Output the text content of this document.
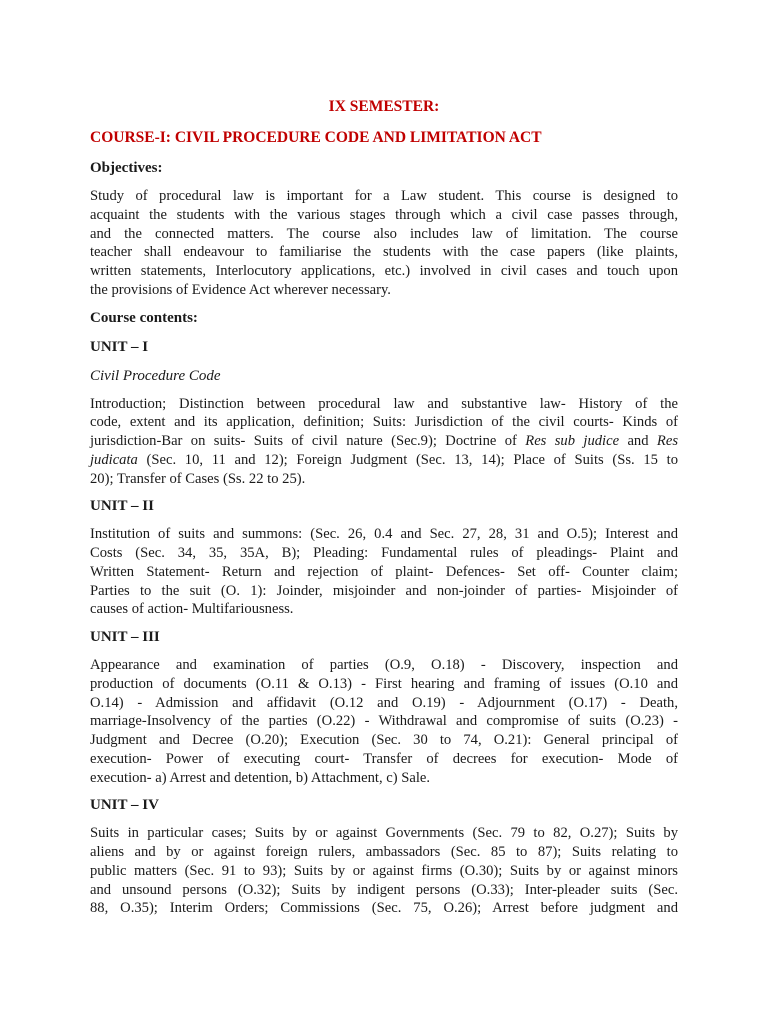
IX SEMESTER:
COURSE-I: CIVIL PROCEDURE CODE AND LIMITATION ACT
Objectives:
Study of procedural law is important for a Law student. This course is designed to
acquaint the students with the various stages through which a civil case passes through,
and the connected matters. The course also includes law of limitation. The course
teacher shall endeavour to familiarise the students with the case papers (like plaints,
written statements, Interlocutory applications, etc.) involved in civil cases and touch upon
the provisions of Evidence Act wherever necessary.
Course contents:
UNIT – I
Civil Procedure Code
Introduction; Distinction between procedural law and substantive law- History of the
code, extent and its application, definition; Suits: Jurisdiction of the civil courts- Kinds of
jurisdiction-Bar on suits- Suits of civil nature (Sec.9); Doctrine of Res sub judice and Res
judicata (Sec. 10, 11 and 12); Foreign Judgment (Sec. 13, 14); Place of Suits (Ss. 15 to
20); Transfer of Cases (Ss. 22 to 25).
UNIT – II
Institution of suits and summons: (Sec. 26, 0.4 and Sec. 27, 28, 31 and O.5); Interest and
Costs (Sec. 34, 35, 35A, B); Pleading: Fundamental rules of pleadings- Plaint and
Written Statement- Return and rejection of plaint- Defences- Set off- Counter claim;
Parties to the suit (O. 1): Joinder, misjoinder and non-joinder of parties- Misjoinder of
causes of action- Multifariousness.
UNIT – III
Appearance and examination of parties (O.9, O.18) - Discovery, inspection and
production of documents (O.11 & O.13) - First hearing and framing of issues (O.10 and
O.14) - Admission and affidavit (O.12 and O.19) - Adjournment (O.17) - Death,
marriage-Insolvency of the parties (O.22) - Withdrawal and compromise of suits (O.23) -
Judgment and Decree (O.20); Execution (Sec. 30 to 74, O.21): General principal of
execution- Power of executing court- Transfer of decrees for execution- Mode of
execution- a) Arrest and detention, b) Attachment, c) Sale.
UNIT – IV
Suits in particular cases; Suits by or against Governments (Sec. 79 to 82, O.27); Suits by
aliens and by or against foreign rulers, ambassadors (Sec. 85 to 87); Suits relating to
public matters (Sec. 91 to 93); Suits by or against firms (O.30); Suits by or against minors
and unsound persons (O.32); Suits by indigent persons (O.33); Inter-pleader suits (Sec.
88, O.35); Interim Orders; Commissions (Sec. 75, O.26); Arrest before judgment and
